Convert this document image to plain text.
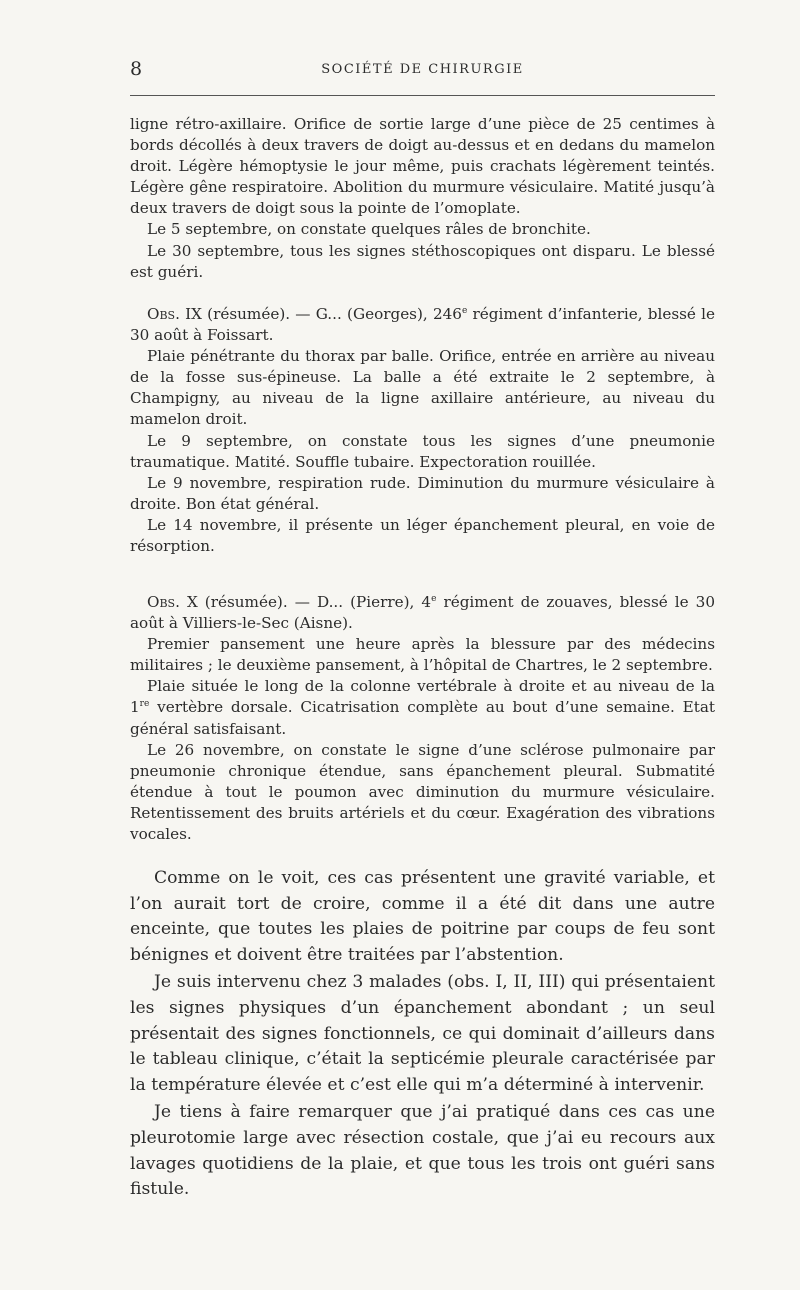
8	SOCIÉTÉ DE CHIRURGIE

ligne rétro-axillaire. Orifice de sortie large d’une pièce de 25 centimes à bords décollés à deux travers de doigt au-dessus et en dedans du mamelon droit. Légère hémoptysie le jour même, puis crachats légèrement teintés. Légère gêne respiratoire. Abolition du murmure vésiculaire. Matité jusqu’à deux travers de doigt sous la pointe de l’omoplate.

Le 5 septembre, on constate quelques râles de bronchite.

Le 30 septembre, tous les signes stéthoscopiques ont disparu. Le blessé est guéri.

Obs. IX (résumée). — G... (Georges), 246e régiment d’infanterie, blessé le 30 août à Foissart.

Plaie pénétrante du thorax par balle. Orifice, entrée en arrière au niveau de la fosse sus-épineuse. La balle a été extraite le 2 septembre, à Champigny, au niveau de la ligne axillaire antérieure, au niveau du mamelon droit.

Le 9 septembre, on constate tous les signes d’une pneumonie traumatique. Matité. Souffle tubaire. Expectoration rouillée.

Le 9 novembre, respiration rude. Diminution du murmure vésiculaire à droite. Bon état général.

Le 14 novembre, il présente un léger épanchement pleural, en voie de résorption.

Obs. X (résumée). — D... (Pierre), 4e régiment de zouaves, blessé le 30 août à Villiers-le-Sec (Aisne).

Premier pansement une heure après la blessure par des médecins militaires ; le deuxième pansement, à l’hôpital de Chartres, le 2 septembre.

Plaie située le long de la colonne vertébrale à droite et au niveau de la 1re vertèbre dorsale. Cicatrisation complète au bout d’une semaine. Etat général satisfaisant.

Le 26 novembre, on constate le signe d’une sclérose pulmonaire par pneumonie chronique étendue, sans épanchement pleural. Submatité étendue à tout le poumon avec diminution du murmure vésiculaire. Retentissement des bruits artériels et du cœur. Exagération des vibrations vocales.

Comme on le voit, ces cas présentent une gravité variable, et l’on aurait tort de croire, comme il a été dit dans une autre enceinte, que toutes les plaies de poitrine par coups de feu sont bénignes et doivent être traitées par l’abstention.

Je suis intervenu chez 3 malades (obs. I, II, III) qui présentaient les signes physiques d’un épanchement abondant ; un seul présentait des signes fonctionnels, ce qui dominait d’ailleurs dans le tableau clinique, c’était la septicémie pleurale caractérisée par la température élevée et c’est elle qui m’a déterminé à intervenir.

Je tiens à faire remarquer que j’ai pratiqué dans ces cas une pleurotomie large avec résection costale, que j’ai eu recours aux lavages quotidiens de la plaie, et que tous les trois ont guéri sans fistule.
